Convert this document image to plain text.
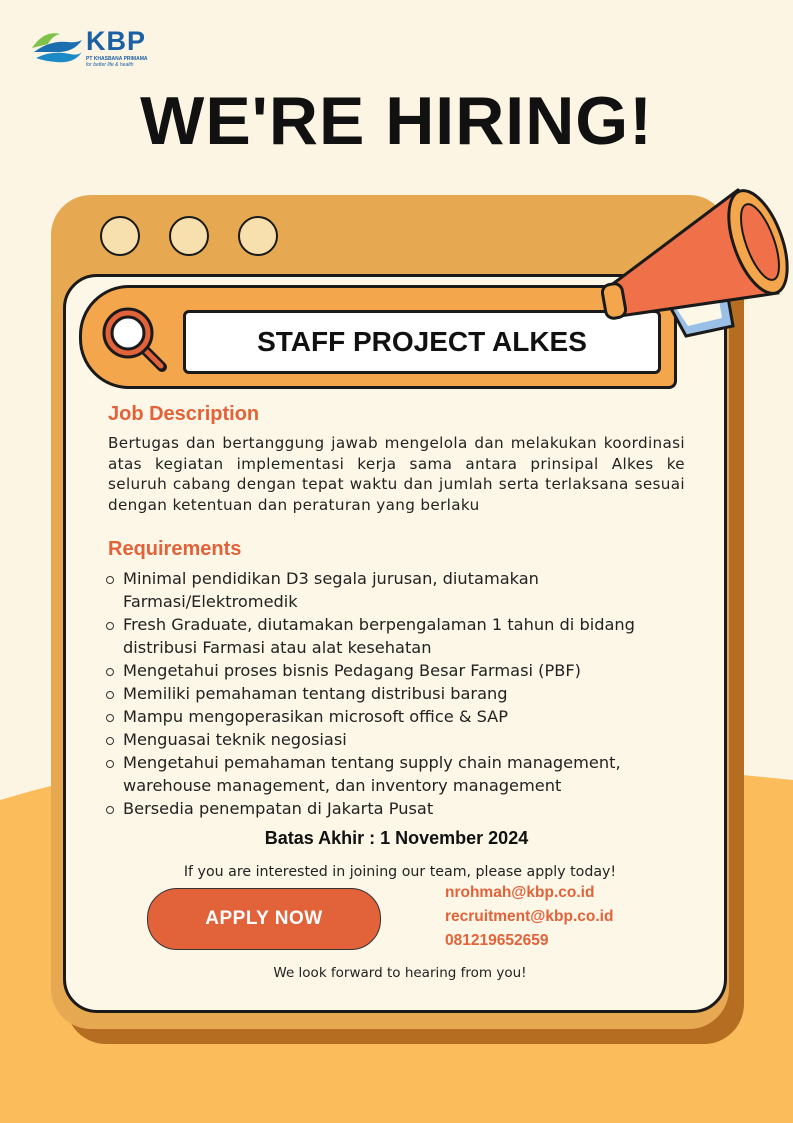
KBP
PT KHASBANA PRIMAMA
for better life & health
WE'RE HIRING!
STAFF PROJECT ALKES
Job Description
Bertugas dan bertanggung jawab mengelola dan melakukan koordinasi atas kegiatan implementasi kerja sama antara prinsipal Alkes ke seluruh cabang dengan tepat waktu dan jumlah serta terlaksana sesuai dengan ketentuan dan peraturan yang berlaku
Requirements
Minimal pendidikan D3 segala jurusan, diutamakan Farmasi/Elektromedik
Fresh Graduate, diutamakan berpengalaman 1 tahun di bidang distribusi Farmasi atau alat kesehatan
Mengetahui proses bisnis Pedagang Besar Farmasi (PBF)
Memiliki pemahaman tentang distribusi barang
Mampu mengoperasikan microsoft office & SAP
Menguasai teknik negosiasi
Mengetahui pemahaman tentang supply chain management, warehouse management, dan inventory management
Bersedia penempatan di Jakarta Pusat
Batas Akhir : 1 November 2024
If you are interested in joining our team, please apply today!
APPLY NOW
nrohmah@kbp.co.id
recruitment@kbp.co.id
081219652659
We look forward to hearing from you!
